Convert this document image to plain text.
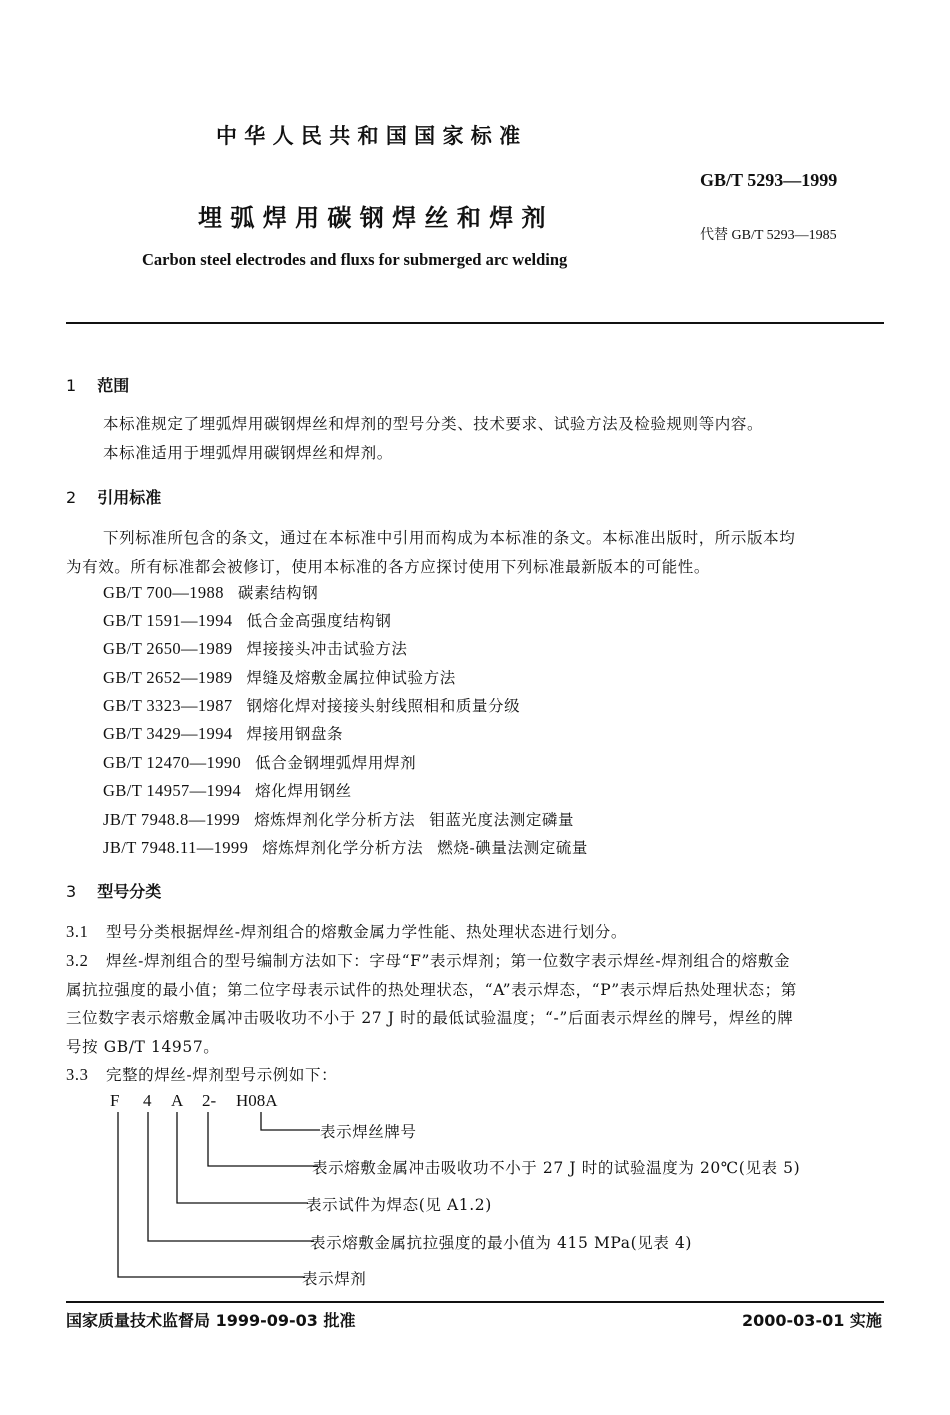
中 华 人 民 共 和 国 国 家 标 准
GB/T 5293—1999
埋 弧 焊 用 碳 钢 焊 丝 和 焊 剂
代替 GB/T 5293—1985
Carbon steel electrodes and fluxs for submerged arc welding
1 范围
本标准规定了埋弧焊用碳钢焊丝和焊剂的型号分类、技术要求、试验方法及检验规则等内容。
本标准适用于埋弧焊用碳钢焊丝和焊剂。
2 引用标准
下列标准所包含的条文，通过在本标准中引用而构成为本标准的条文。本标准出版时，所示版本均
为有效。所有标准都会被修订，使用本标准的各方应探讨使用下列标准最新版本的可能性。
GB/T 700—1988 碳素结构钢
GB/T 1591—1994 低合金高强度结构钢
GB/T 2650—1989 焊接接头冲击试验方法
GB/T 2652—1989 焊缝及熔敷金属拉伸试验方法
GB/T 3323—1987 钢熔化焊对接接头射线照相和质量分级
GB/T 3429—1994 焊接用钢盘条
GB/T 12470—1990 低合金钢埋弧焊用焊剂
GB/T 14957—1994 熔化焊用钢丝
JB/T 7948.8—1999 熔炼焊剂化学分析方法 钼蓝光度法测定磷量
JB/T 7948.11—1999 熔炼焊剂化学分析方法 燃烧-碘量法测定硫量
3 型号分类
3.1 型号分类根据焊丝-焊剂组合的熔敷金属力学性能、热处理状态进行划分。
3.2 焊丝-焊剂组合的型号编制方法如下：字母“F”表示焊剂；第一位数字表示焊丝-焊剂组合的熔敷金
属抗拉强度的最小值；第二位字母表示试件的热处理状态，“A”表示焊态，“P”表示焊后热处理状态；第
三位数字表示熔敷金属冲击吸收功不小于 27 J 时的最低试验温度；“-”后面表示焊丝的牌号，焊丝的牌
号按 GB/T 14957。
3.3 完整的焊丝-焊剂型号示例如下：
F 4 A 2- H08A
表示焊丝牌号
表示熔敷金属冲击吸收功不小于 27 J 时的试验温度为 20℃(见表 5)
表示试件为焊态(见 A1.2)
表示熔敷金属抗拉强度的最小值为 415 MPa(见表 4)
表示焊剂
国家质量技术监督局 1999-09-03 批准	2000-03-01 实施
